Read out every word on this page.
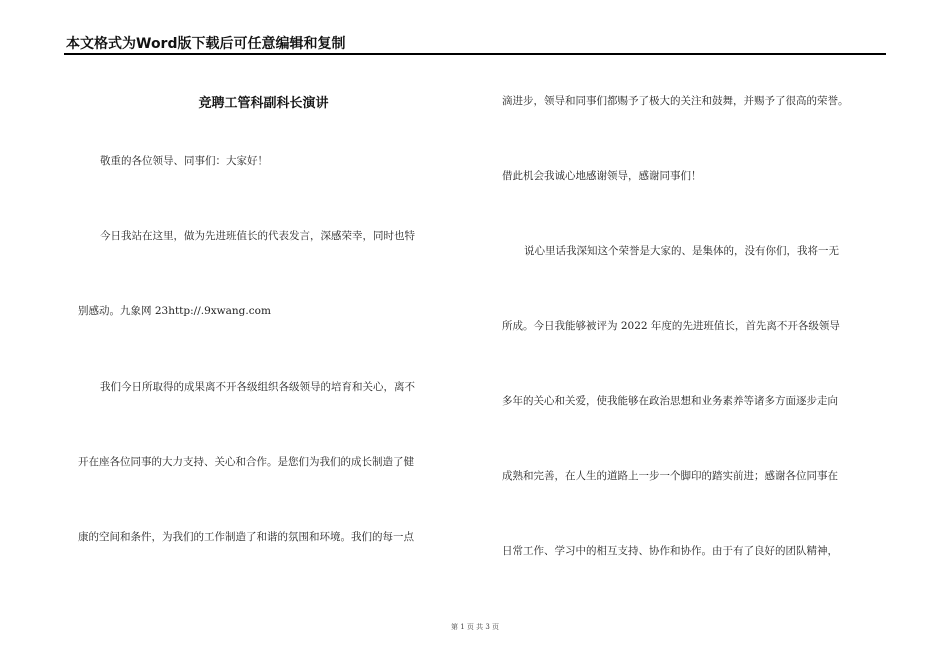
本文格式为Word版下载后可任意编辑和复制
竞聘工管科副科长演讲
敬重的各位领导、同事们：大家好！
今日我站在这里，做为先进班值长的代表发言，深感荣幸，同时也特
别感动。九象网 23http://.9xwang.com
我们今日所取得的成果离不开各级组织各级领导的培育和关心，离不
开在座各位同事的大力支持、关心和合作。是您们为我们的成长制造了健
康的空间和条件，为我们的工作制造了和谐的氛围和环境。我们的每一点
滴进步，领导和同事们都赐予了极大的关注和鼓舞，并赐予了很高的荣誉。
借此机会我诚心地感谢领导，感谢同事们！
说心里话我深知这个荣誉是大家的、是集体的，没有你们，我将一无
所成。今日我能够被评为 2022 年度的先进班值长，首先离不开各级领导
多年的关心和关爱，使我能够在政治思想和业务素养等诸多方面逐步走向
成熟和完善，在人生的道路上一步一个脚印的踏实前进；感谢各位同事在
日常工作、学习中的相互支持、协作和协作。由于有了良好的团队精神，
第 1 页 共 3 页
